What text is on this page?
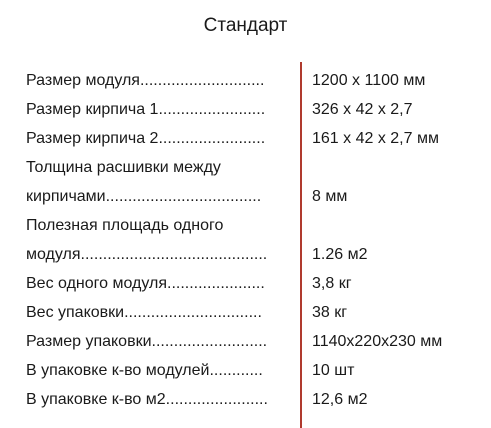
Стандарт
Размер модуля............................	1200 х 1100 мм
Размер кирпича 1........................	326 х 42 х 2,7
Размер кирпича 2........................	161 х 42 х 2,7 мм
Толщина расшивки между
кирпичами...................................	8 мм
Полезная площадь одного
модуля..........................................	1.26 м2
Вес одного модуля......................	3,8 кг
Вес упаковки...............................	38 кг
Размер упаковки..........................	1140х220х230 мм
В упаковке к-во модулей............	10 шт
В упаковке к-во м2.......................	12,6 м2
